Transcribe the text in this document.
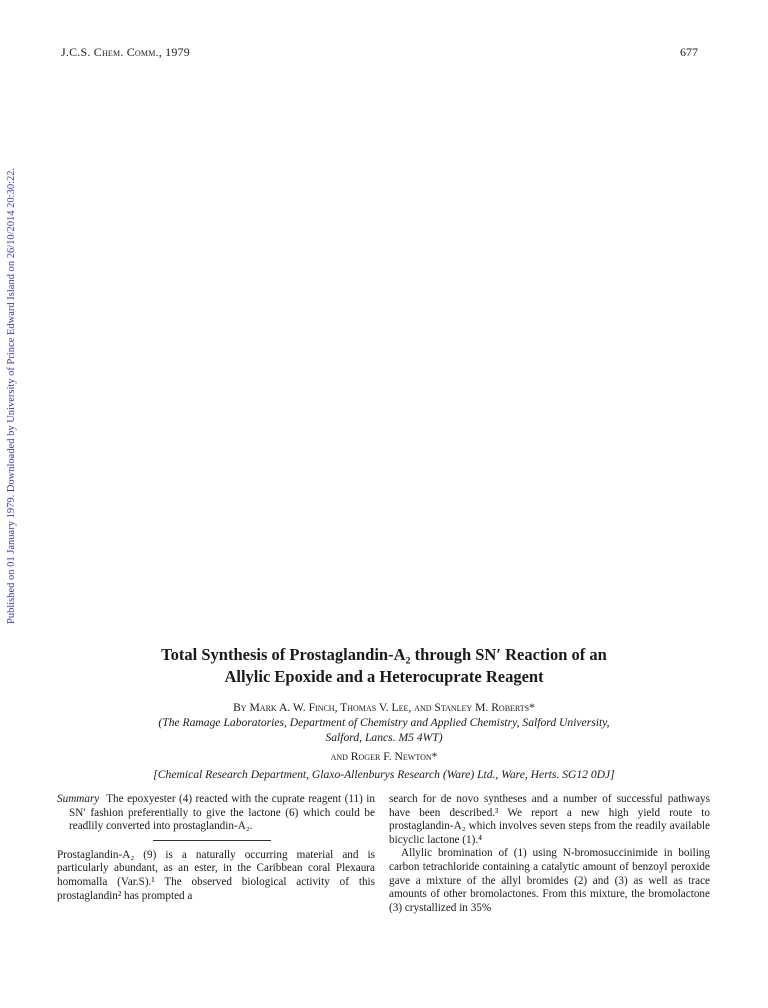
J.C.S. Chem. Comm., 1979	677
Published on 01 January 1979. Downloaded by University of Prince Edward Island on 26/10/2014 20:30:22.
Total Synthesis of Prostaglandin-A₂ through SN′ Reaction of an
Allylic Epoxide and a Heterocuprate Reagent
By Mark A. W. Finch, Thomas V. Lee, and Stanley M. Roberts*
(The Ramage Laboratories, Department of Chemistry and Applied Chemistry, Salford University,
Salford, Lancs. M5 4WT)
and Roger F. Newton*
[Chemical Research Department, Glaxo-Allenburys Research (Ware) Ltd., Ware, Herts. SG12 0DJ]

Summary The epoxyester (4) reacted with the cuprate reagent (11) in SN′ fashion preferentially to give the lactone (6) which could be readlily converted into prostaglandin-A₂.

Prostaglandin-A₂ (9) is a naturally occurring material and is particularly abundant, as an ester, in the Caribbean coral Plexaura homomalla (Var.S).¹ The observed biological activity of this prostaglandin² has prompted a

search for de novo syntheses and a number of successful pathways have been described.³ We report a new high yield route to prostaglandin-A₂ which involves seven steps from the readily available bicyclic lactone (1).⁴

Allylic bromination of (1) using N-bromosuccinimide in boiling carbon tetrachloride containing a catalytic amount of benzoyl peroxide gave a mixture of the allyl bromides (2) and (3) as well as trace amounts of other bromolactones. From this mixture, the bromolactone (3) crystallized in 35%
